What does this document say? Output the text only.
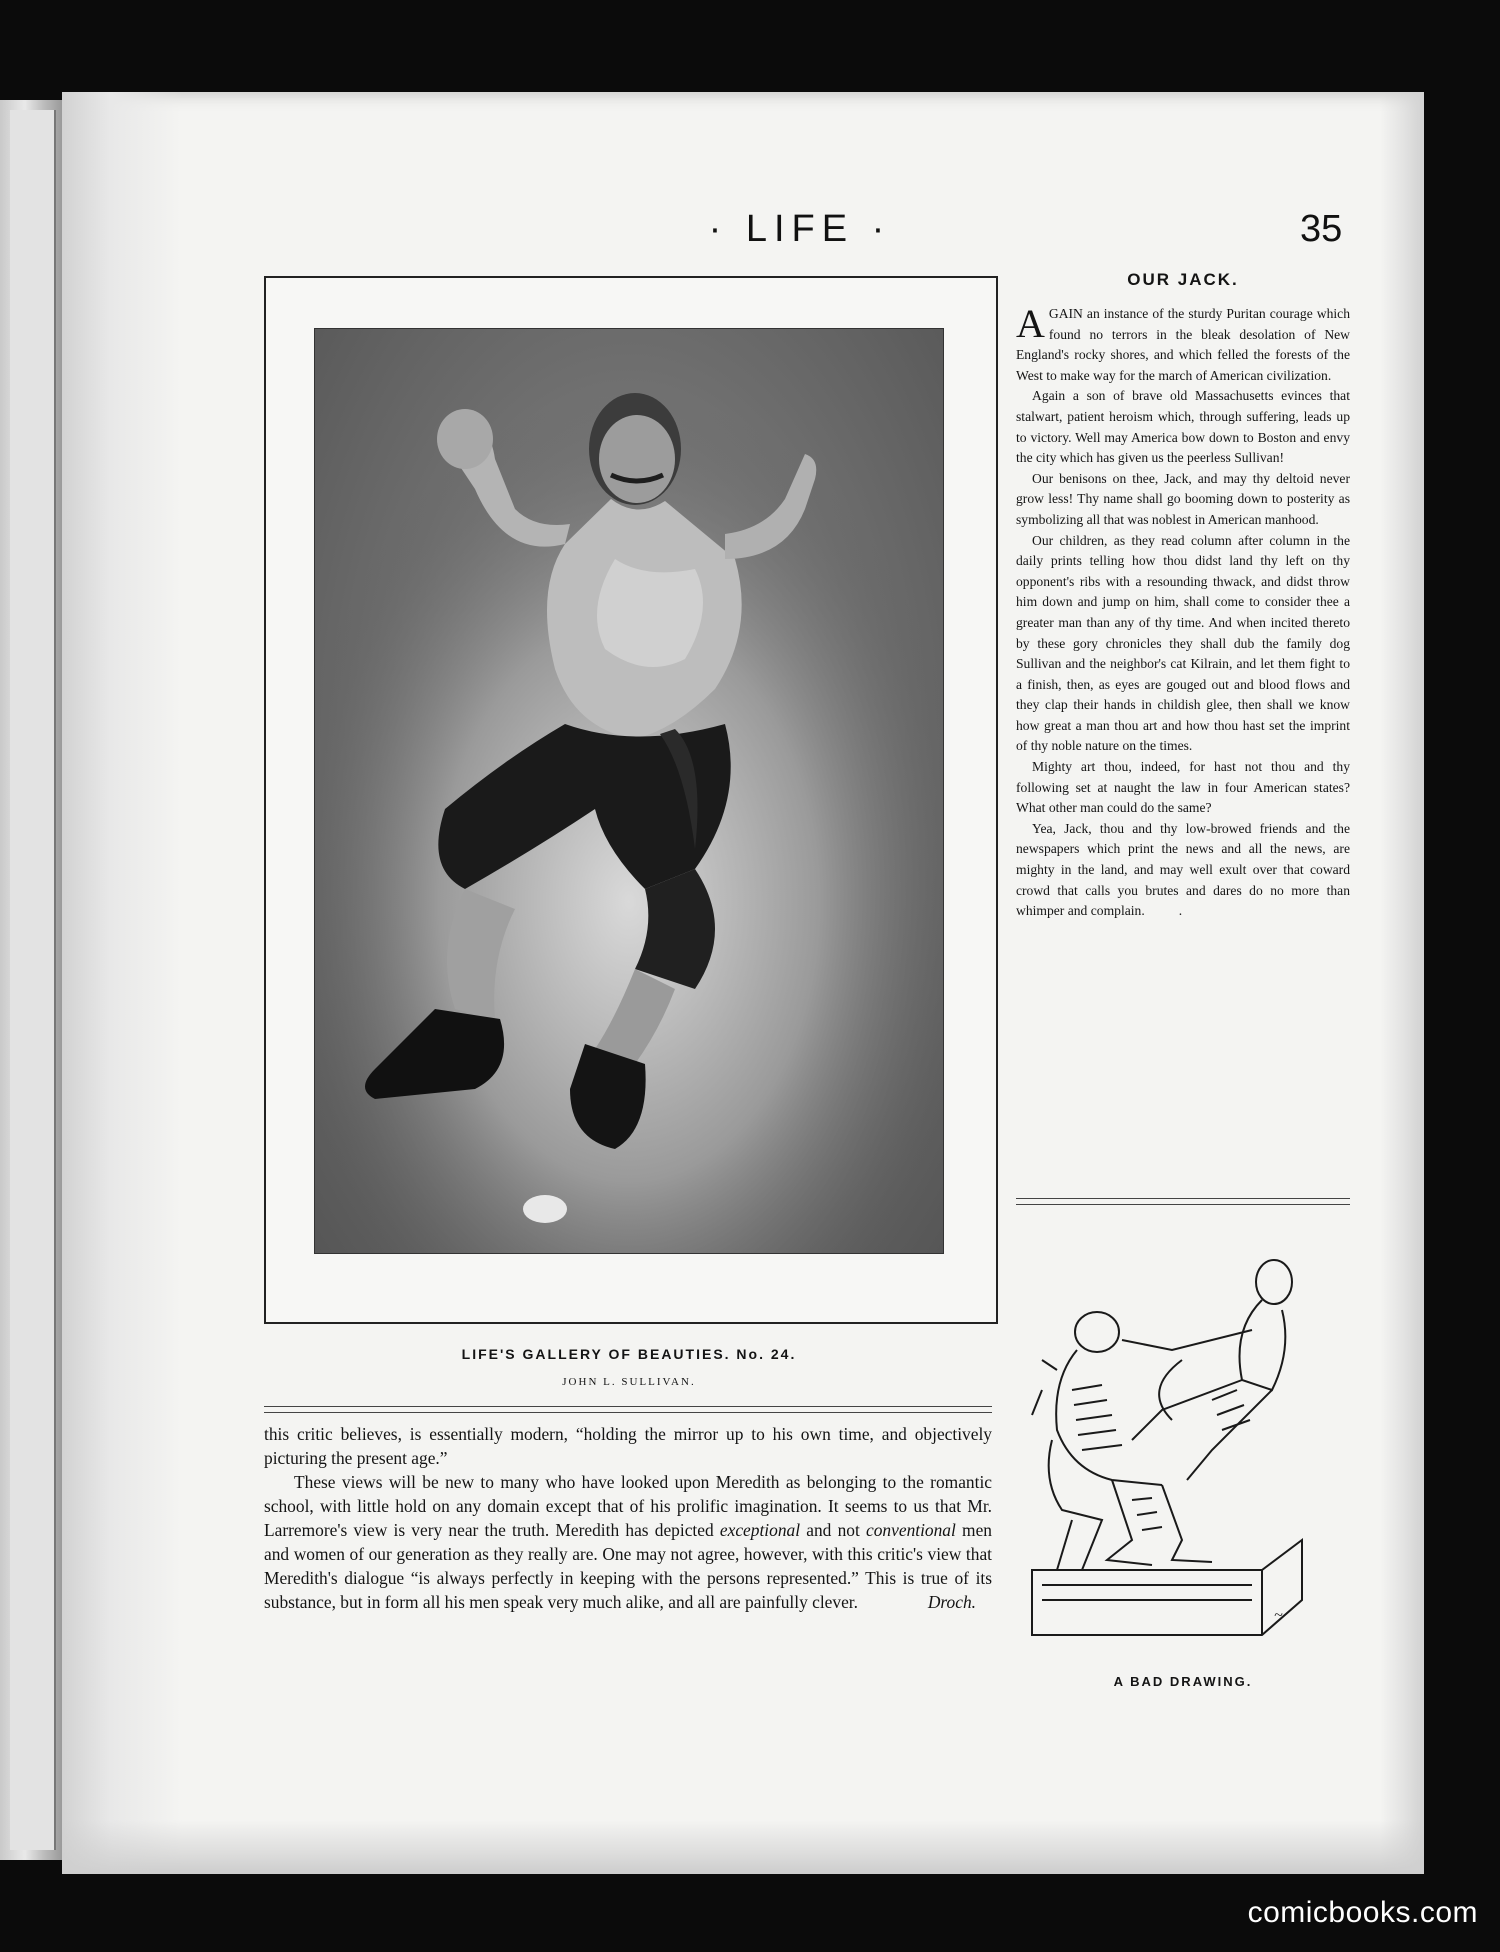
· LIFE ·	35
LIFE'S GALLERY OF BEAUTIES. No. 24.
JOHN L. SULLIVAN.
OUR JACK.

AGAIN an instance of the sturdy Puritan courage which found no terrors in the bleak desolation of New England's rocky shores, and which felled the forests of the West to make way for the march of American civilization.

Again a son of brave old Massachusetts evinces that stalwart, patient heroism which, through suffering, leads up to victory. Well may America bow down to Boston and envy the city which has given us the peerless Sullivan!

Our benisons on thee, Jack, and may thy deltoid never grow less! Thy name shall go booming down to posterity as symbolizing all that was noblest in American manhood.

Our children, as they read column after column in the daily prints telling how thou didst land thy left on thy opponent's ribs with a resounding thwack, and didst throw him down and jump on him, shall come to consider thee a greater man than any of thy time. And when incited thereto by these gory chronicles they shall dub the family dog Sullivan and the neighbor's cat Kilrain, and let them fight to a finish, then, as eyes are gouged out and blood flows and they clap their hands in childish glee, then shall we know how great a man thou art and how thou hast set the imprint of thy noble nature on the times.

Mighty art thou, indeed, for hast not thou and thy following set at naught the law in four American states? What other man could do the same?

Yea, Jack, thou and thy low-browed friends and the newspapers which print the news and all the news, are mighty in the land, and may well exult over that coward crowd that calls you brutes and dares do no more than whimper and complain.	.

~
A BAD DRAWING.

this critic believes, is essentially modern, “holding the mirror up to his own time, and objectively picturing the present age.”

These views will be new to many who have looked upon Meredith as belonging to the romantic school, with little hold on any domain except that of his prolific imagination. It seems to us that Mr. Larremore's view is very near the truth. Meredith has depicted exceptional and not conventional men and women of our generation as they really are. One may not agree, however, with this critic's view that Meredith's dialogue “is always perfectly in keeping with the persons represented.” This is true of its substance, but in form all his men speak very much alike, and all are painfully clever.	Droch.

comicbooks.com
